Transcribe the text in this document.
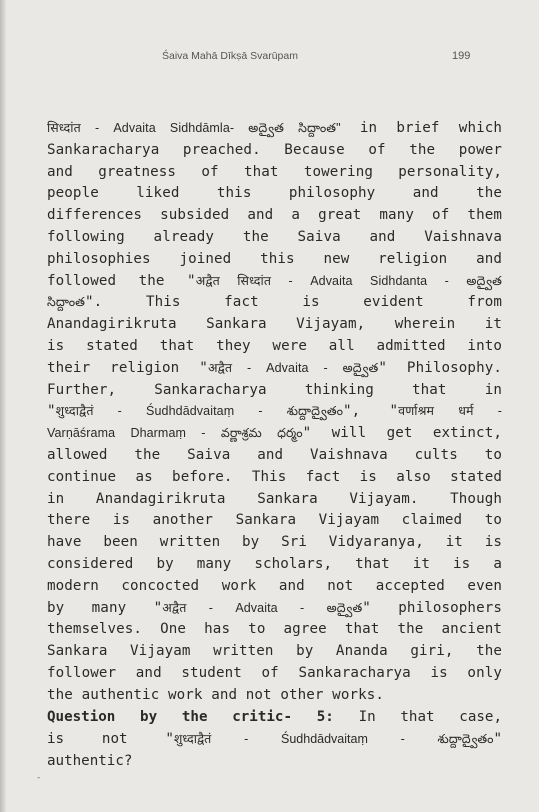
Śaiva Mahā Dīkṣā Svarūpam	199
सिध्दांत - Advaita Sidhdāmla- అద్వైత సిద్దాంత" in brief which
Sankaracharya preached. Because of the power
and greatness of that towering personality,
people liked this philosophy and the
differences subsided and a great many of them
following already the Saiva and Vaishnava
philosophies joined this new religion and
followed the "अद्वैत सिध्दांत - Advaita Sidhdanta - అద్వైత
సిద్దాంత". This fact is evident from
Anandagirikruta Sankara Vijayam, wherein it
is stated that they were all admitted into
their religion "अद्वैत - Advaita - అద్వైత" Philosophy.
Further, Sankaracharya thinking that in
"शुध्दाद्वैतं - Śudhdādvaitaṃ - శుద్దాద్వైతం", "वर्णाश्रम धर्म -
Varṇāśrama Dharmaṃ - వర్ణాశ్రమ ధర్మం" will get extinct,
allowed the Saiva and Vaishnava cults to
continue as before. This fact is also stated
in Anandagirikruta Sankara Vijayam. Though
there is another Sankara Vijayam claimed to
have been written by Sri Vidyaranya, it is
considered by many scholars, that it is a
modern concocted work and not accepted even
by many "अद्वैत - Advaita - అద్వైత" philosophers
themselves. One has to agree that the ancient
Sankara Vijayam written by Ananda giri, the
follower and student of Sankaracharya is only
the authentic work and not other works.
Question by the critic- 5: In that case,
is not "शुध्दाद्वैतं - Śudhdādvaitaṃ - శుద్దాద్వైతం"
authentic?
-
